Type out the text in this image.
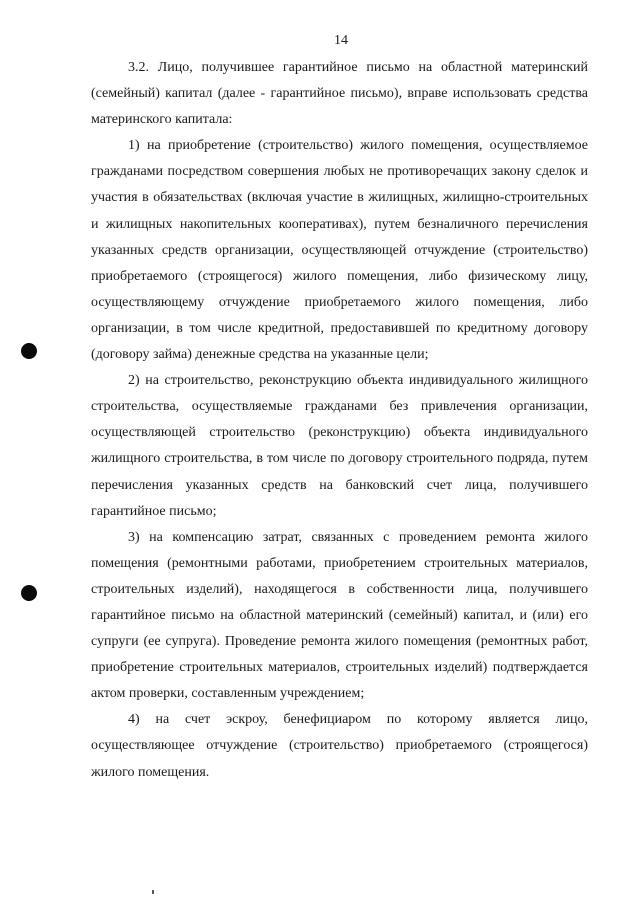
14

3.2. Лицо, получившее гарантийное письмо на областной материнский (семейный) капитал (далее - гарантийное письмо), вправе использовать средства материнского капитала:

1) на приобретение (строительство) жилого помещения, осуществляемое гражданами посредством совершения любых не противоречащих закону сделок и участия в обязательствах (включая участие в жилищных, жилищно-строительных и жилищных накопительных кооперативах), путем безналичного перечисления указанных средств организации, осуществляющей отчуждение (строительство) приобретаемого (строящегося) жилого помещения, либо физическому лицу, осуществляющему отчуждение приобретаемого жилого помещения, либо организации, в том числе кредитной, предоставившей по кредитному договору (договору займа) денежные средства на указанные цели;

2) на строительство, реконструкцию объекта индивидуального жилищного строительства, осуществляемые гражданами без привлечения организации, осуществляющей строительство (реконструкцию) объекта индивидуального жилищного строительства, в том числе по договору строительного подряда, путем перечисления указанных средств на банковский счет лица, получившего гарантийное письмо;

3) на компенсацию затрат, связанных с проведением ремонта жилого помещения (ремонтными работами, приобретением строительных материалов, строительных изделий), находящегося в собственности лица, получившего гарантийное письмо на областной материнский (семейный) капитал, и (или) его супруги (ее супруга). Проведение ремонта жилого помещения (ремонтных работ, приобретение строительных материалов, строительных изделий) подтверждается актом проверки, составленным учреждением;

4) на счет эскроу, бенефициаром по которому является лицо, осуществляющее отчуждение (строительство) приобретаемого (строящегося) жилого помещения.
